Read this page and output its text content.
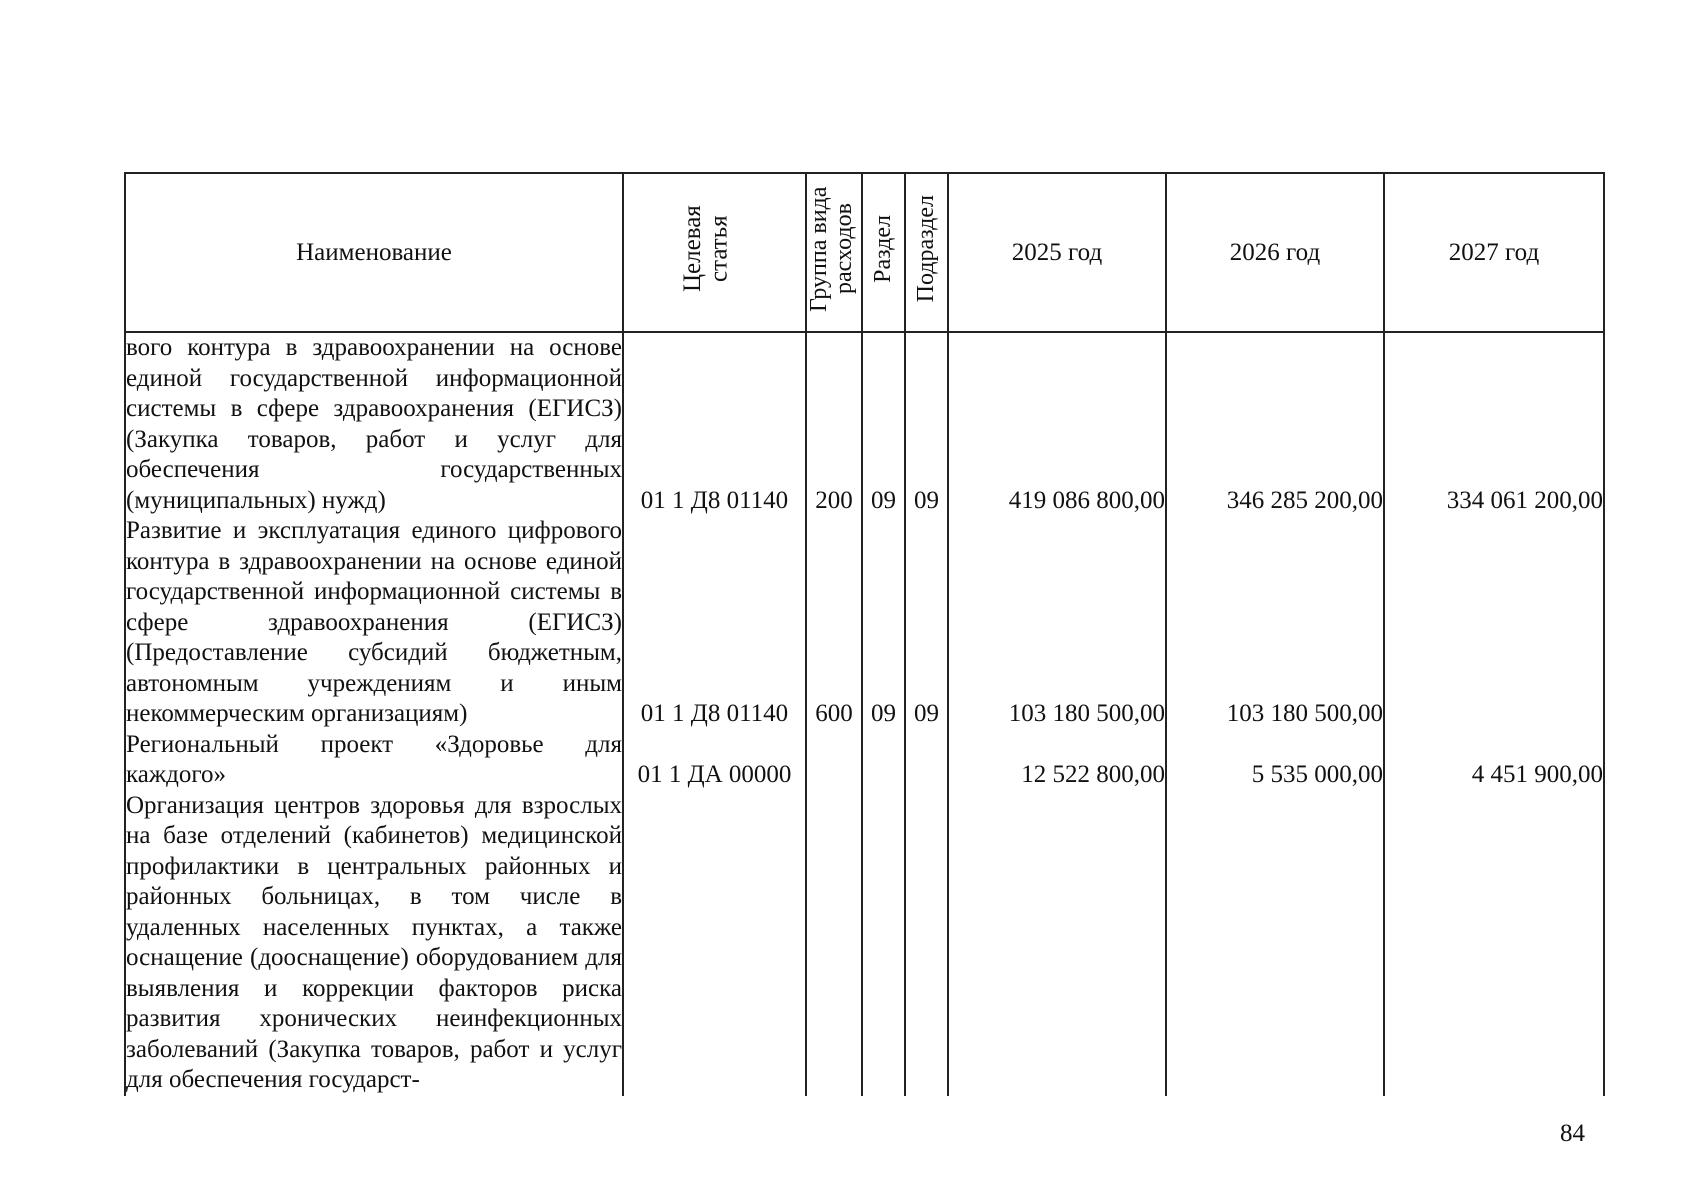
Наименование	Целевая статья	Группа вида расходов	Раздел	Подраздел	2025 год	2026 год	2027 год
вого контура в здравоохранении на основе единой государственной информационной системы в сфере здравоохранения (ЕГИСЗ) (Закупка товаров, работ и услуг для обеспечения государственных (муниципальных) нужд)	01 1 Д8 01140	200	09	09	419 086 800,00	346 285 200,00	334 061 200,00
Развитие и эксплуатация единого цифрового контура в здравоохранении на основе единой государственной информационной системы в сфере здравоохранения (ЕГИСЗ) (Предоставление субсидий бюджетным, автономным учреждениям и иным некоммерческим организациям)	01 1 Д8 01140	600	09	09	103 180 500,00	103 180 500,00	
Региональный проект «Здоровье для каждого»	01 1 ДА 00000				12 522 800,00	5 535 000,00	4 451 900,00
Организация центров здоровья для взрослых на базе отделений (кабинетов) медицинской профилактики в центральных районных и районных больницах, в том числе в удаленных населенных пунктах, а также оснащение (дооснащение) оборудованием для выявления и коррекции факторов риска развития хронических неинфекционных заболеваний (Закупка товаров, работ и услуг для обеспечения государст-							
84
